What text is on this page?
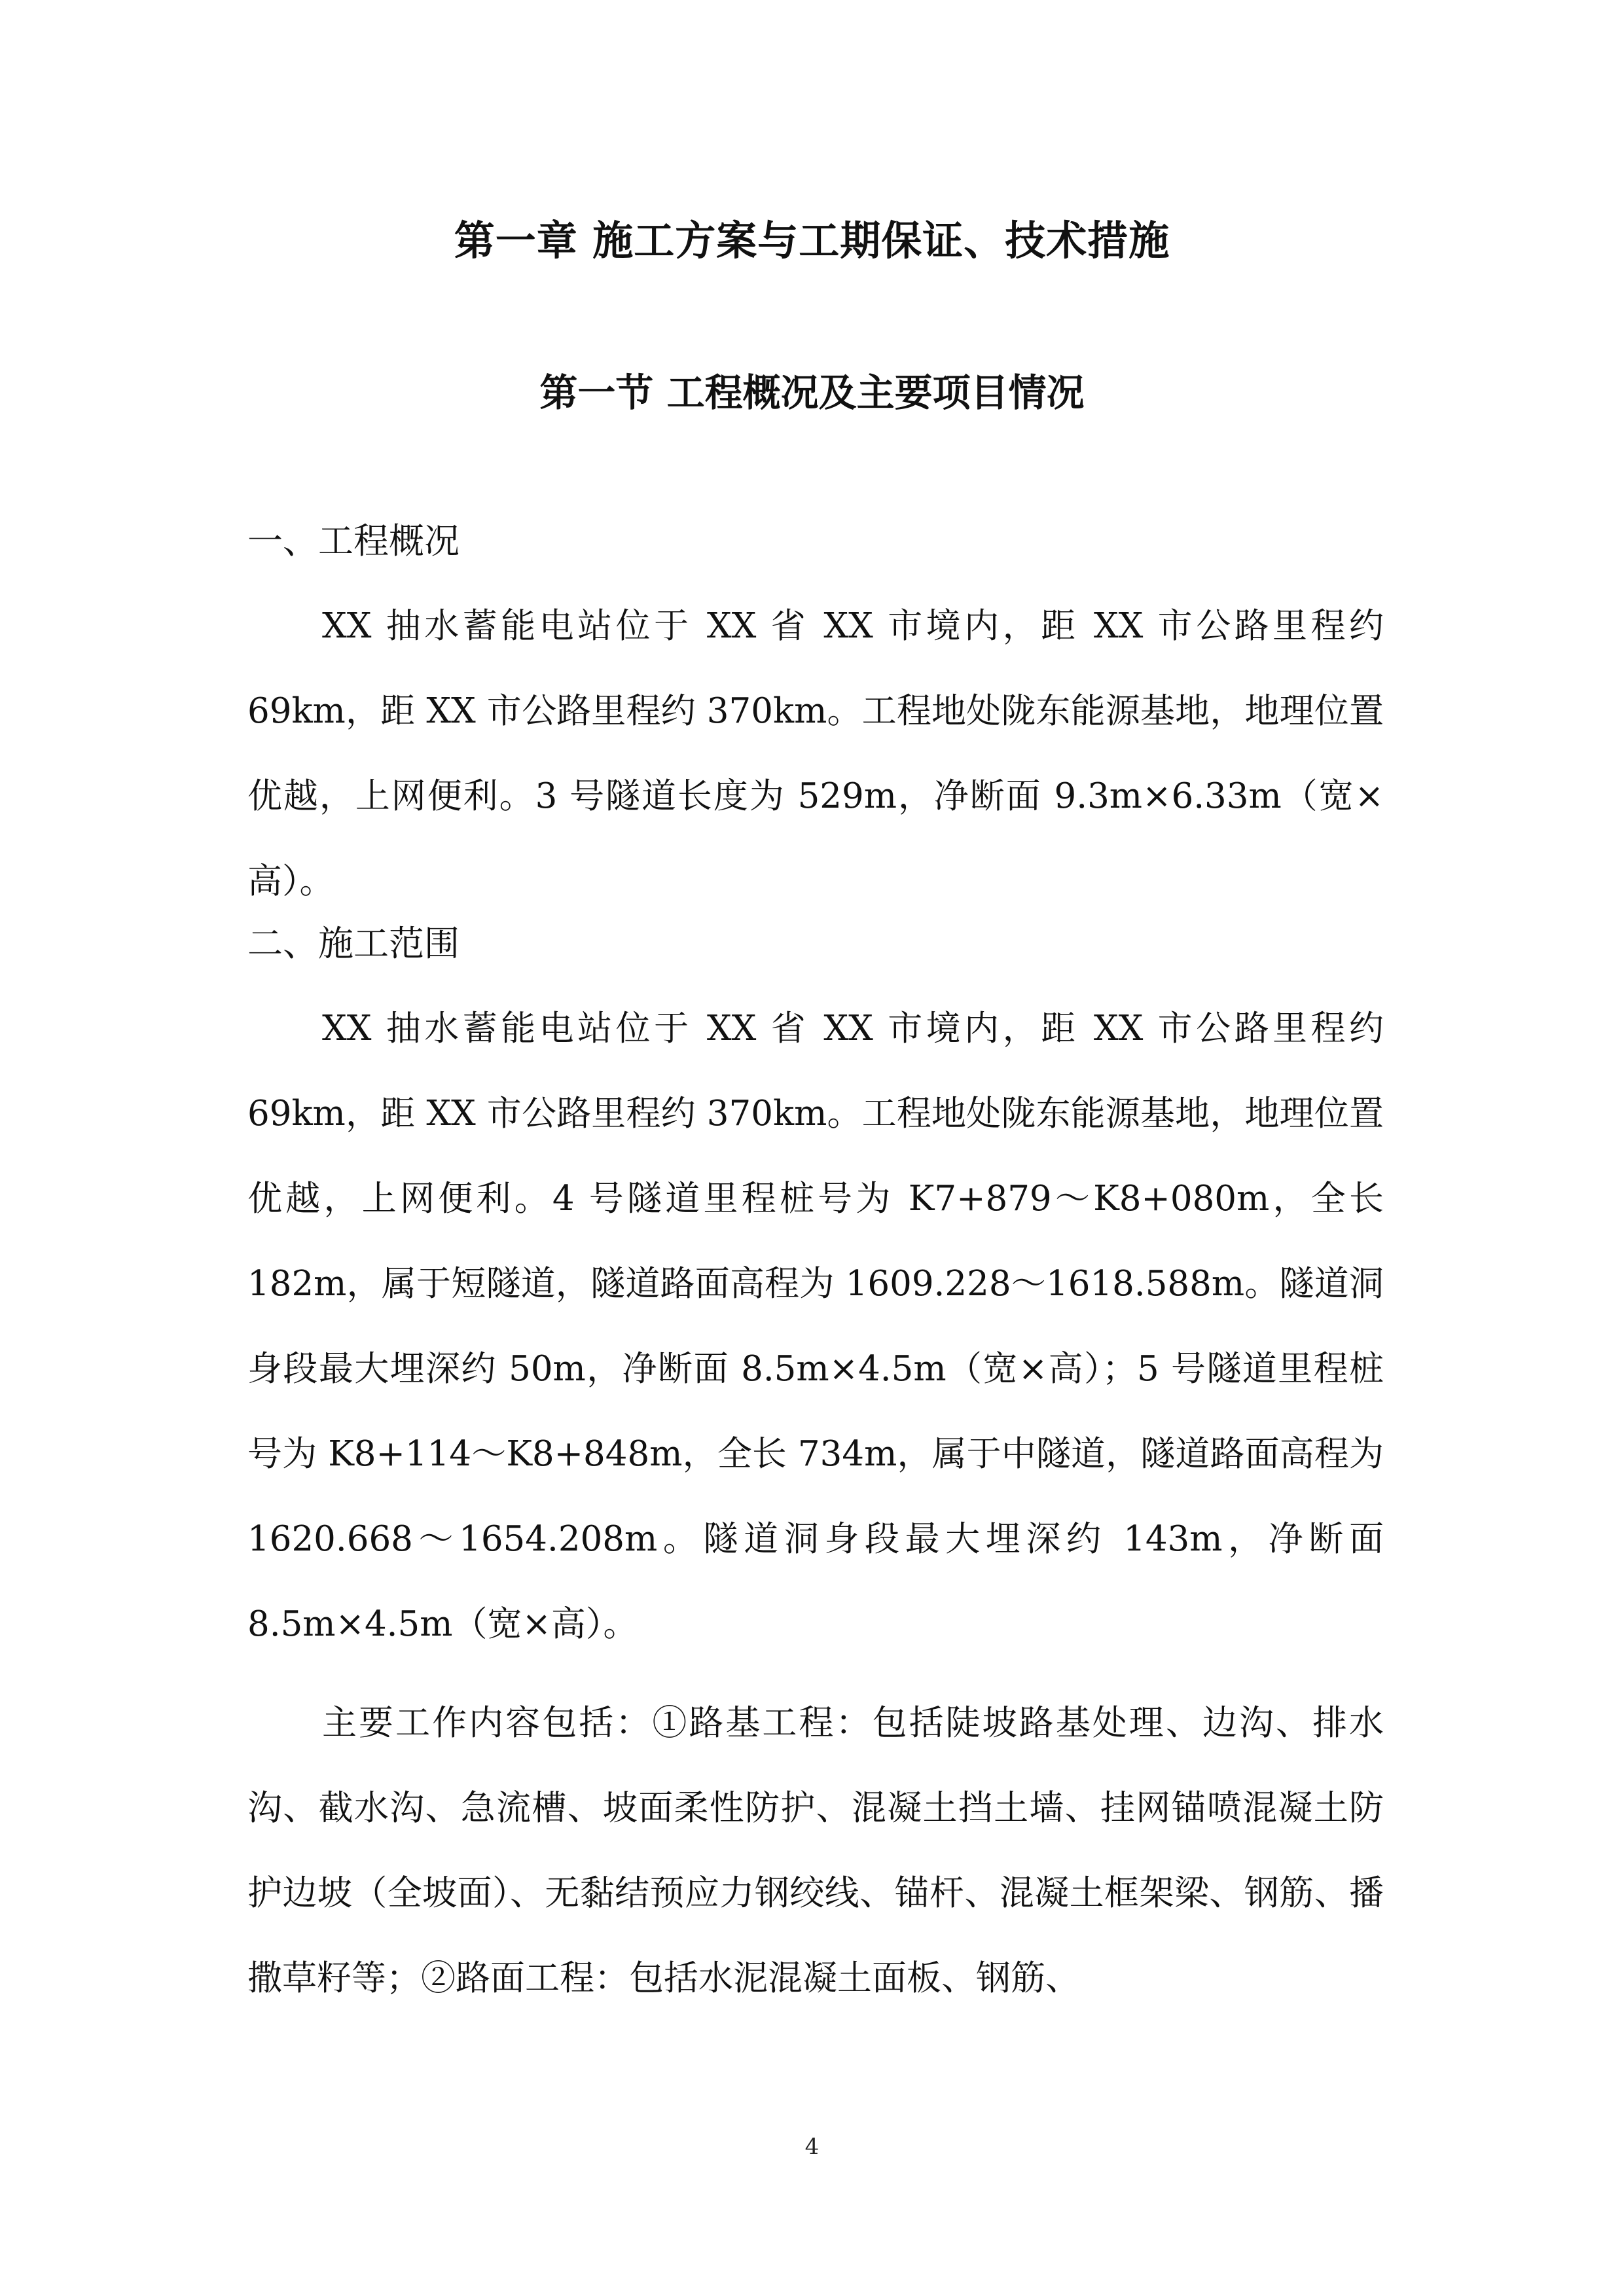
第一章 施工方案与工期保证、技术措施
第一节 工程概况及主要项目情况
一、工程概况

XX 抽水蓄能电站位于 XX 省 XX 市境内，距 XX 市公路里程约 69km，距 XX 市公路里程约 370km。工程地处陇东能源基地，地理位置优越，上网便利。3 号隧道长度为 529m，净断面 9.3m×6.33m（宽×高）。

二、施工范围

XX 抽水蓄能电站位于 XX 省 XX 市境内，距 XX 市公路里程约 69km，距 XX 市公路里程约 370km。工程地处陇东能源基地，地理位置优越，上网便利。4 号隧道里程桩号为 K7+879～K8+080m，全长 182m，属于短隧道，隧道路面高程为 1609.228～1618.588m。隧道洞身段最大埋深约 50m，净断面 8.5m×4.5m（宽×高）；5 号隧道里程桩号为 K8+114～K8+848m，全长 734m，属于中隧道，隧道路面高程为 1620.668～1654.208m。隧道洞身段最大埋深约 143m，净断面 8.5m×4.5m（宽×高）。

主要工作内容包括：①路基工程：包括陡坡路基处理、边沟、排水沟、截水沟、急流槽、坡面柔性防护、混凝土挡土墙、挂网锚喷混凝土防护边坡（全坡面）、无黏结预应力钢绞线、锚杆、混凝土框架梁、钢筋、播撒草籽等；②路面工程：包括水泥混凝土面板、钢筋、

4
